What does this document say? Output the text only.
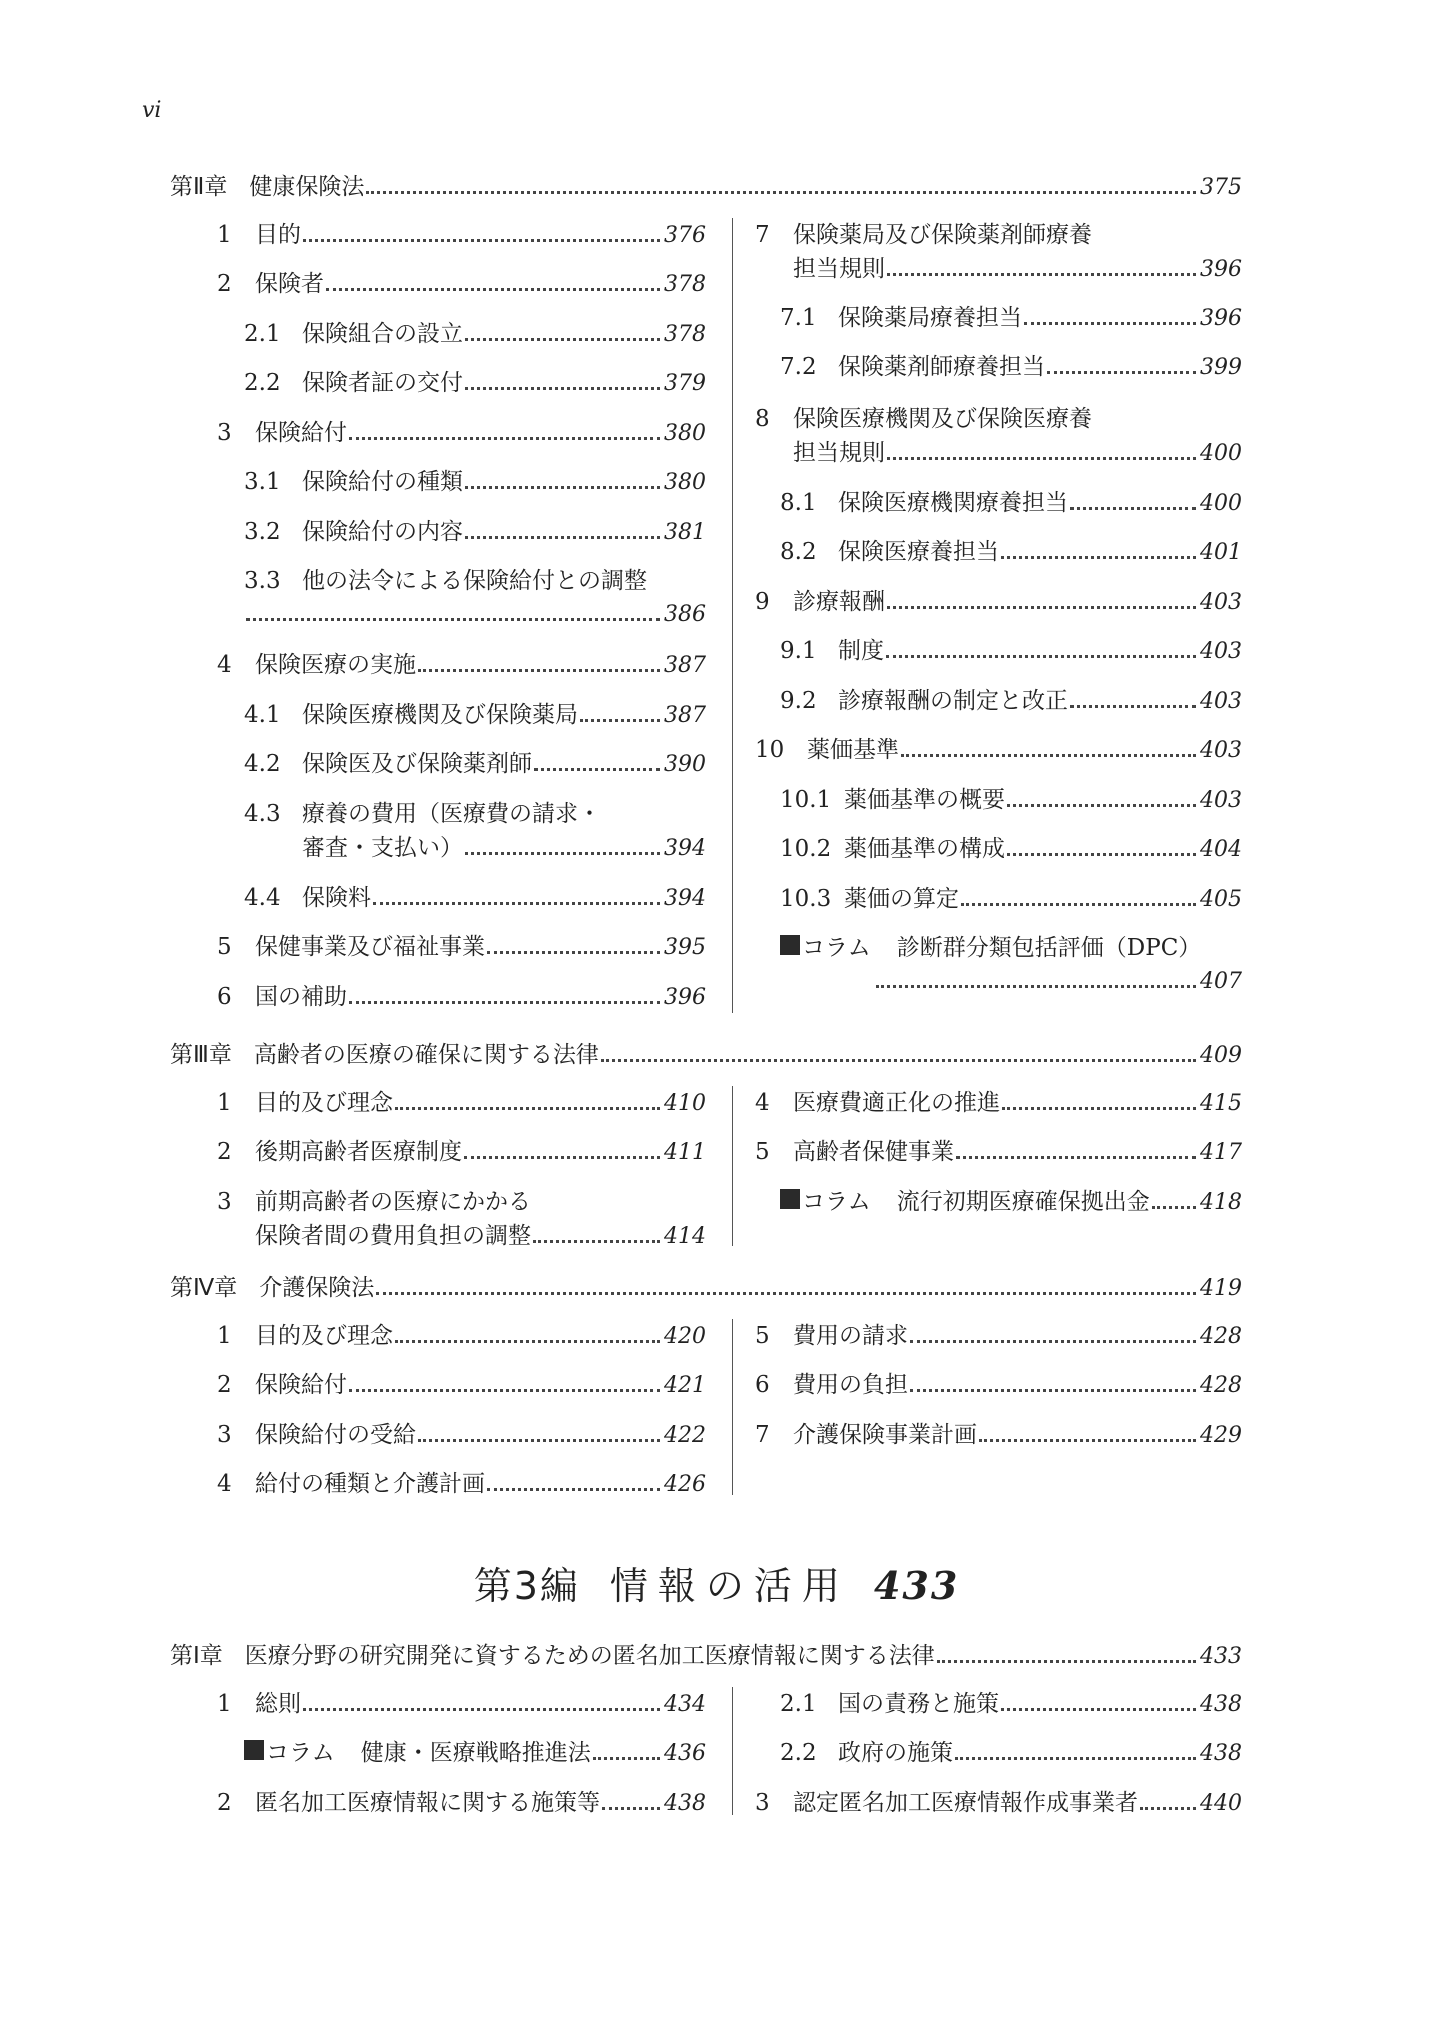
vi
第Ⅱ章 健康保険法	375
1	目的	376
2	保険者	378
2.1 保険組合の設立	378
2.2 保険者証の交付	379
3	保険給付	380
3.1 保険給付の種類	380
3.2 保険給付の内容	381
3.3 他の法令による保険給付との調整
386
4	保険医療の実施	387
4.1 保険医療機関及び保険薬局	387
4.2 保険医及び保険薬剤師	390
4.3 療養の費用（医療費の請求・
審査・支払い）	394
4.4 保険料	394
5	保健事業及び福祉事業	395
6	国の補助	396
7	保険薬局及び保険薬剤師療養
担当規則	396
7.1 保険薬局療養担当	396
7.2 保険薬剤師療養担当	399
8	保険医療機関及び保険医療養
担当規則	400
8.1 保険医療機関療養担当	400
8.2 保険医療養担当	401
9	診療報酬	403
9.1 制度	403
9.2 診療報酬の制定と改正	403
10 薬価基準	403
10.1 薬価基準の概要	403
10.2 薬価基準の構成	404
10.3 薬価の算定	405
コラム 診断群分類包括評価（DPC）
407
第Ⅲ章 高齢者の医療の確保に関する法律	409
1	目的及び理念	410
2	後期高齢者医療制度	411
3	前期高齢者の医療にかかる
保険者間の費用負担の調整	414
4	医療費適正化の推進	415
5	高齢者保健事業	417
コラム 流行初期医療確保拠出金 418
第Ⅳ章 介護保険法	419
1	目的及び理念	420
2	保険給付	421
3	保険給付の受給	422
4	給付の種類と介護計画	426
5	費用の請求	428
6	費用の負担	428
7	介護保険事業計画	429
第3編 情報の活用 433
第Ⅰ章 医療分野の研究開発に資するための匿名加工医療情報に関する法律	433
1	総則	434
コラム 健康・医療戦略推進法	436
2	匿名加工医療情報に関する施策等	438
2.1 国の責務と施策	438
2.2 政府の施策	438
3	認定匿名加工医療情報作成事業者	440
